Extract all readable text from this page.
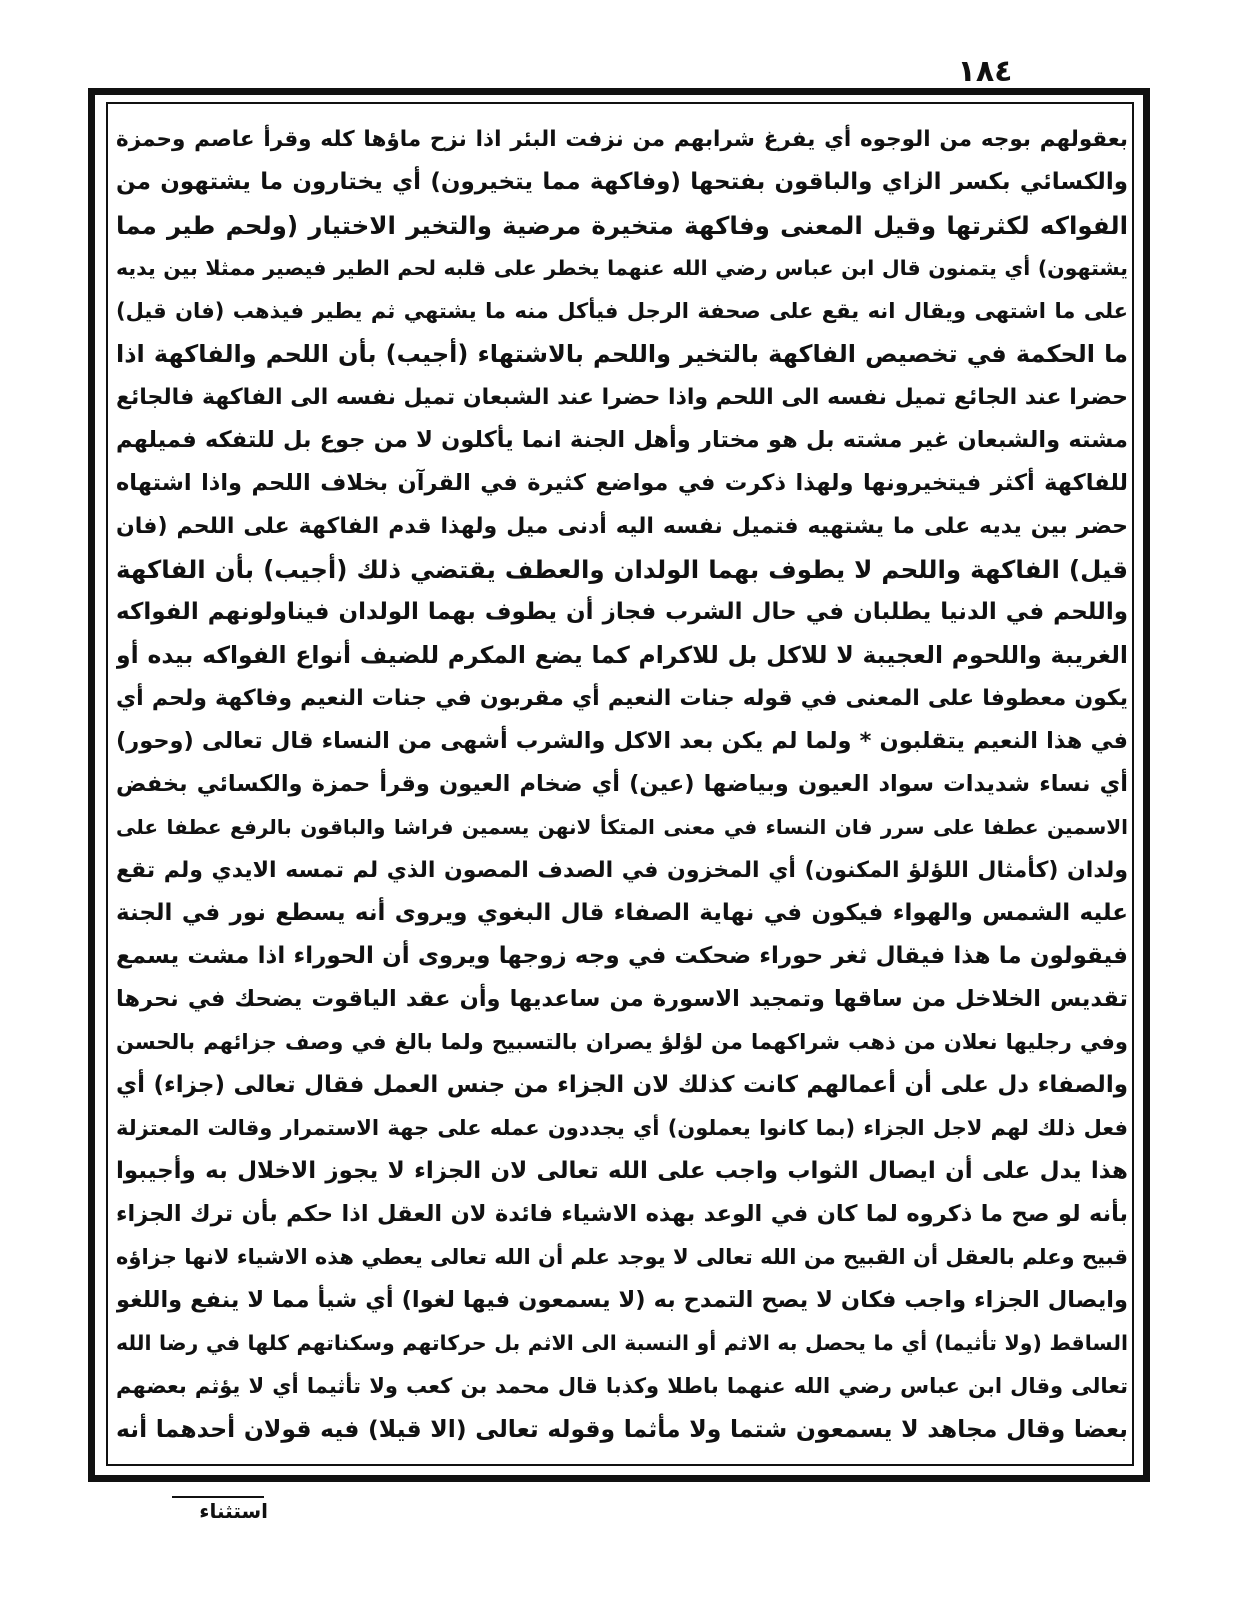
١٨٤
بعقولهم بوجه من الوجوه أي يفرغ شرابهم من نزفت البئر اذا نزح ماؤها كله وقرأ عاصم وحمزة
والكسائي بكسر الزاي والباقون بفتحها (وفاكهة مما يتخيرون) أي يختارون ما يشتهون من
الفواكه لكثرتها وقيل المعنى وفاكهة متخيرة مرضية والتخير الاختيار (ولحم طير مما
يشتهون) أي يتمنون قال ابن عباس رضي الله عنهما يخطر على قلبه لحم الطير فيصير ممثلا بين يديه
على ما اشتهى ويقال انه يقع على صحفة الرجل فيأكل منه ما يشتهي ثم يطير فيذهب (فان قيل)
ما الحكمة في تخصيص الفاكهة بالتخير واللحم بالاشتهاء (أجيب) بأن اللحم والفاكهة اذا
حضرا عند الجائع تميل نفسه الى اللحم واذا حضرا عند الشبعان تميل نفسه الى الفاكهة فالجائع
مشته والشبعان غير مشته بل هو مختار وأهل الجنة انما يأكلون لا من جوع بل للتفكه فميلهم
للفاكهة أكثر فيتخيرونها ولهذا ذكرت في مواضع كثيرة في القرآن بخلاف اللحم واذا اشتهاه
حضر بين يديه على ما يشتهيه فتميل نفسه اليه أدنى ميل ولهذا قدم الفاكهة على اللحم (فان
قيل) الفاكهة واللحم لا يطوف بهما الولدان والعطف يقتضي ذلك (أجيب) بأن الفاكهة
واللحم في الدنيا يطلبان في حال الشرب فجاز أن يطوف بهما الولدان فيناولونهم الفواكه
الغريبة واللحوم العجيبة لا للاكل بل للاكرام كما يضع المكرم للضيف أنواع الفواكه بيده أو
يكون معطوفا على المعنى في قوله جنات النعيم أي مقربون في جنات النعيم وفاكهة ولحم أي
في هذا النعيم يتقلبون * ولما لم يكن بعد الاكل والشرب أشهى من النساء قال تعالى (وحور)
أي نساء شديدات سواد العيون وبياضها (عين) أي ضخام العيون وقرأ حمزة والكسائي بخفض
الاسمين عطفا على سرر فان النساء في معنى المتكأ لانهن يسمين فراشا والباقون بالرفع عطفا على
ولدان (كأمثال اللؤلؤ المكنون) أي المخزون في الصدف المصون الذي لم تمسه الايدي ولم تقع
عليه الشمس والهواء فيكون في نهاية الصفاء قال البغوي ويروى أنه يسطع نور في الجنة
فيقولون ما هذا فيقال ثغر حوراء ضحكت في وجه زوجها ويروى أن الحوراء اذا مشت يسمع
تقديس الخلاخل من ساقها وتمجيد الاسورة من ساعديها وأن عقد الياقوت يضحك في نحرها
وفي رجليها نعلان من ذهب شراكهما من لؤلؤ يصران بالتسبيح ولما بالغ في وصف جزائهم بالحسن
والصفاء دل على أن أعمالهم كانت كذلك لان الجزاء من جنس العمل فقال تعالى (جزاء) أي
فعل ذلك لهم لاجل الجزاء (بما كانوا يعملون) أي يجددون عمله على جهة الاستمرار وقالت المعتزلة
هذا يدل على أن ايصال الثواب واجب على الله تعالى لان الجزاء لا يجوز الاخلال به وأجيبوا
بأنه لو صح ما ذكروه لما كان في الوعد بهذه الاشياء فائدة لان العقل اذا حكم بأن ترك الجزاء
قبيح وعلم بالعقل أن القبيح من الله تعالى لا يوجد علم أن الله تعالى يعطي هذه الاشياء لانها جزاؤه
وايصال الجزاء واجب فكان لا يصح التمدح به (لا يسمعون فيها لغوا) أي شيأ مما لا ينفع واللغو
الساقط (ولا تأثيما) أي ما يحصل به الاثم أو النسبة الى الاثم بل حركاتهم وسكناتهم كلها في رضا الله
تعالى وقال ابن عباس رضي الله عنهما باطلا وكذبا قال محمد بن كعب ولا تأثيما أي لا يؤثم بعضهم
بعضا وقال مجاهد لا يسمعون شتما ولا مأثما وقوله تعالى (الا قيلا) فيه قولان أحدهما أنه
استثناء
